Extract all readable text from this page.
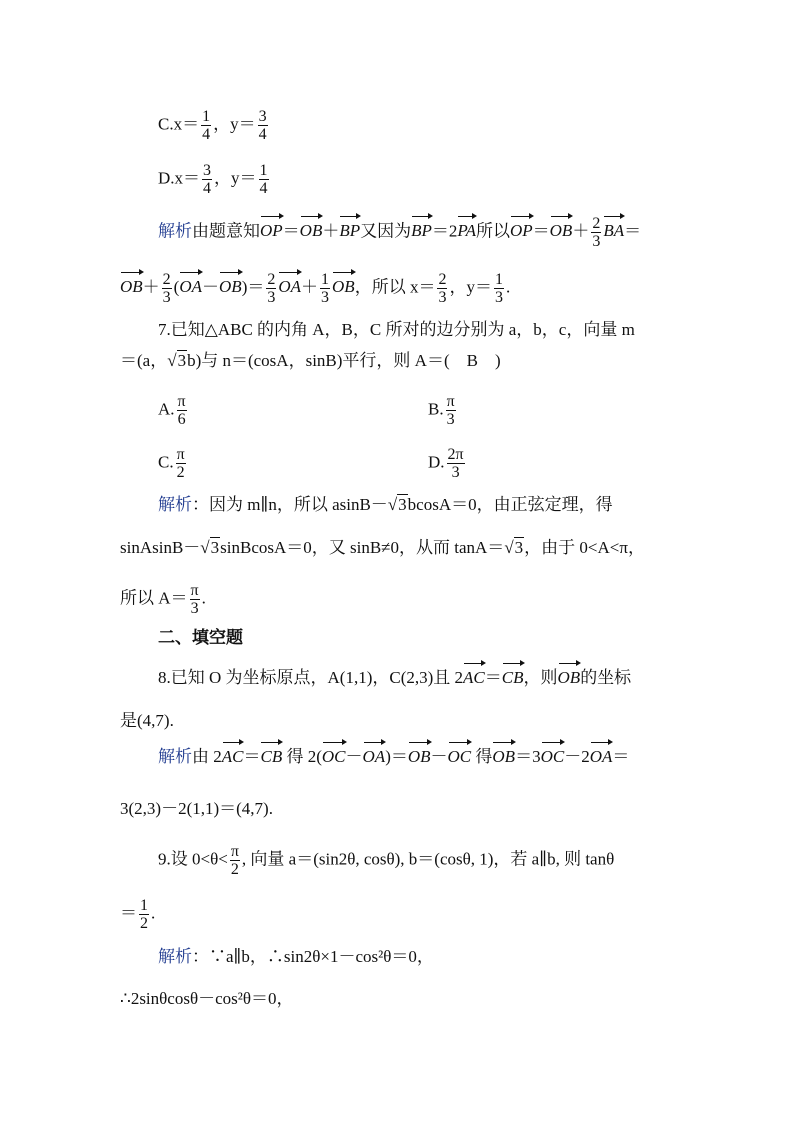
$C.x= \frac{1}{4}$ ，$y= \frac{3}{4}$
$D.x= \frac{3}{4}$ ，$y= \frac{1}{4}$
解析由题意知OP＝OB＋BP又因为BP＝2PA所以$OP=OB+ \frac{2}{3} BA=$
$OB+ \frac{2}{3} (OA-OB)= \frac{2}{3} OA+ \frac{1}{3}$ OB，所以 $x= \frac{2}{3}$ ，$y= \frac{1}{3}$ .
7.已知△ABC 的内角 A，B，C 所对的边分别为 a，b，c，向量 m
＝(a，√3b)与 n＝(cosA，sinB)平行，则 A＝(　B　)
A. $\frac{\pi}{6}$	B. $\frac{\pi}{3}$
C. $\frac{\pi}{2}$	D. $\frac{2\pi}{3}$
解析：因为 m∥n，所以 asinB－√3bcosA＝0，由正弦定理，得
sinAsinB－√3sinBcosA＝0，又 sinB≠0，从而 tanA＝√3，由于 0<A<π，
所以 $A= \frac{\pi}{3}$ .
二、填空题
8.已知 O 为坐标原点，A(1,1)，C(2,3)且 2AC＝CB，则OB的坐标
是(4,7).
解析由 2AC＝CB 得 2(OC－OA)＝OB－OC 得OB＝3OC－2OA＝
3(2,3)－2(1,1)＝(4,7).
9.设 $0<\theta< \frac{\pi}{2}$ , 向量 a＝(sin2θ, cosθ), b＝(cosθ, 1)，若 a∥b, 则 tanθ
＝ $\frac{1}{2}$ .
解析：∵a∥b，∴sin2θ×1－cos²θ＝0，
∴2sinθcosθ－cos²θ＝0，
